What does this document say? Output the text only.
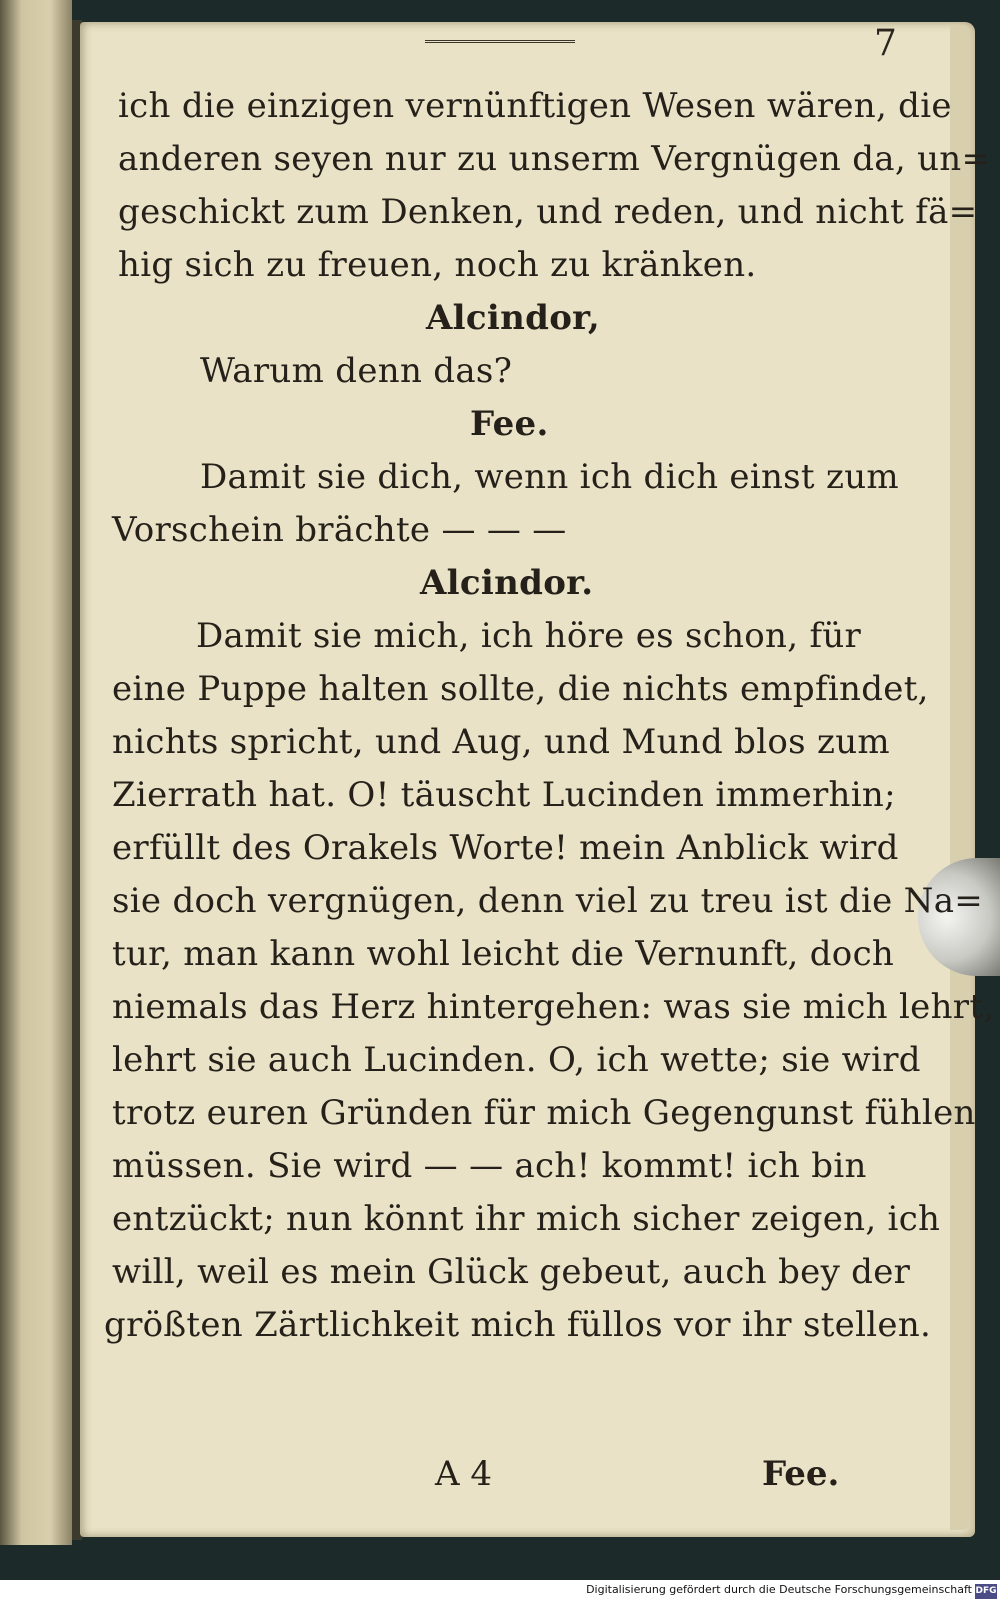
7
ich die einzigen vernünftigen Wesen wären, die
anderen seyen nur zu unserm Vergnügen da, un=
geschickt zum Denken, und reden, und nicht fä=
hig sich zu freuen, noch zu kränken.
Alcindor,
Warum denn das?
Fee.
Damit sie dich, wenn ich dich einst zum
Vorschein brächte — — —
Alcindor.
Damit sie mich, ich höre es schon, für
eine Puppe halten sollte, die nichts empfindet,
nichts spricht, und Aug, und Mund blos zum
Zierrath hat. O! täuscht Lucinden immerhin;
erfüllt des Orakels Worte! mein Anblick wird
sie doch vergnügen, denn viel zu treu ist die Na=
tur, man kann wohl leicht die Vernunft, doch
niemals das Herz hintergehen: was sie mich lehrt,
lehrt sie auch Lucinden. O, ich wette; sie wird
trotz euren Gründen für mich Gegengunst fühlen
müssen. Sie wird — — ach! kommt! ich bin
entzückt; nun könnt ihr mich sicher zeigen, ich
will, weil es mein Glück gebeut, auch bey der
größten Zärtlichkeit mich füllos vor ihr stellen.
A 4	Fee.
Digitalisierung gefördert durch die Deutsche Forschungsgemeinschaft DFG
